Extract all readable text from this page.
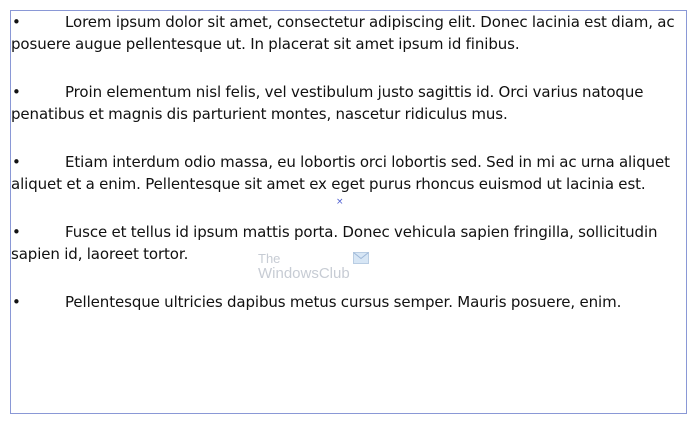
•	Lorem ipsum dolor sit amet, consectetur adipiscing elit. Donec lacinia est diam, ac posuere augue pellentesque ut. In placerat sit amet ipsum id finibus.

•	Proin elementum nisl felis, vel vestibulum justo sagittis id. Orci varius natoque penatibus et magnis dis parturient montes, nascetur ridiculus mus.

•	Etiam interdum odio massa, eu lobortis orci lobortis sed. Sed in mi ac urna aliquet aliquet et a enim. Pellentesque sit amet ex eget purus rhoncus euismod ut lacinia est.

•	Fusce et tellus id ipsum mattis porta. Donec vehicula sapien fringilla, sollicitudin sapien id, laoreet tortor.

•	Pellentesque ultricies dapibus metus cursus semper. Mauris posuere, enim.

×
The
WindowsClub
